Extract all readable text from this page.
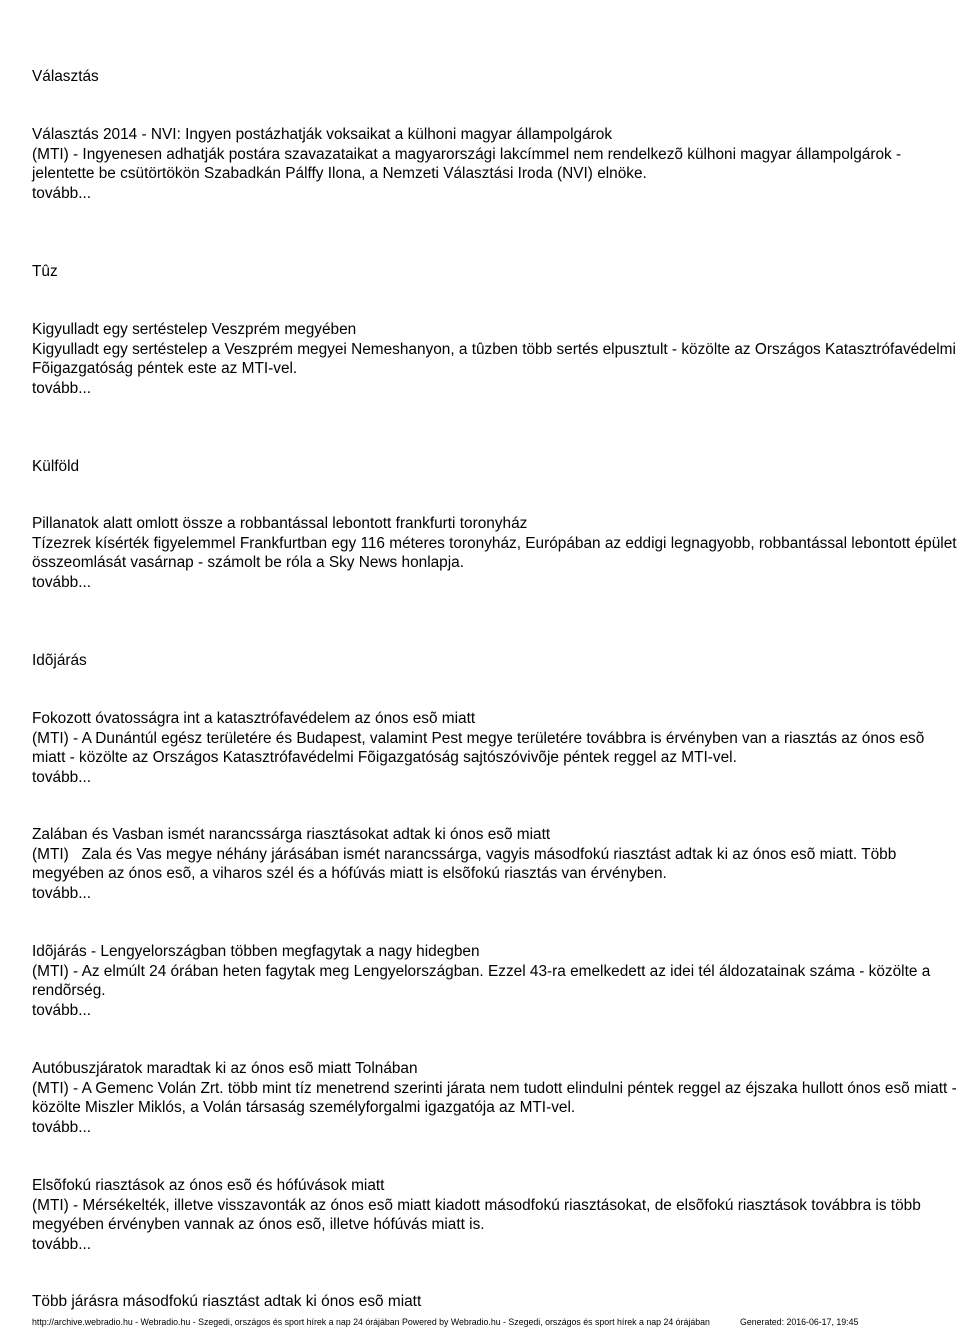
Választás
Választás 2014 - NVI: Ingyen postázhatják voksaikat a külhoni magyar állampolgárok
(MTI) - Ingyenesen adhatják postára szavazataikat a magyarországi lakcímmel nem rendelkezõ külhoni magyar állampolgárok - jelentette be csütörtökön Szabadkán Pálffy Ilona, a Nemzeti Választási Iroda (NVI) elnöke.
tovább...
Tûz
Kigyulladt egy sertéstelep Veszprém megyében
Kigyulladt egy sertéstelep a Veszprém megyei Nemeshanyon, a tûzben több sertés elpusztult - közölte az Országos Katasztrófavédelmi Fõigazgatóság péntek este az MTI-vel.
tovább...
Külföld
Pillanatok alatt omlott össze a robbantással lebontott frankfurti toronyház
Tízezrek kísérték figyelemmel Frankfurtban egy 116 méteres toronyház, Európában az eddigi legnagyobb, robbantással lebontott épület összeomlását vasárnap - számolt be róla a Sky News honlapja.
tovább...
Idõjárás
Fokozott óvatosságra int a katasztrófavédelem az ónos esõ miatt
(MTI) - A Dunántúl egész területére és Budapest, valamint Pest megye területére továbbra is érvényben van a riasztás az ónos esõ miatt - közölte az Országos Katasztrófavédelmi Fõigazgatóság sajtószóvivõje péntek reggel az MTI-vel.
tovább...
Zalában és Vasban ismét narancssárga riasztásokat adtak ki ónos esõ miatt
(MTI)   Zala és Vas megye néhány járásában ismét narancssárga, vagyis másodfokú riasztást adtak ki az ónos esõ miatt. Több megyében az ónos esõ, a viharos szél és a hófúvás miatt is elsõfokú riasztás van érvényben.
tovább...
Idõjárás - Lengyelországban többen megfagytak a nagy hidegben
(MTI) - Az elmúlt 24 órában heten fagytak meg Lengyelországban. Ezzel 43-ra emelkedett az idei tél áldozatainak száma - közölte a rendõrség.
tovább...
Autóbuszjáratok maradtak ki az ónos esõ miatt Tolnában
(MTI) - A Gemenc Volán Zrt. több mint tíz menetrend szerinti járata nem tudott elindulni péntek reggel az éjszaka hullott ónos esõ miatt - közölte Miszler Miklós, a Volán társaság személyforgalmi igazgatója az MTI-vel.
tovább...
Elsõfokú riasztások az ónos esõ és hófúvások miatt
(MTI) - Mérsékelték, illetve visszavonták az ónos esõ miatt kiadott másodfokú riasztásokat, de elsõfokú riasztások továbbra is több megyében érvényben vannak az ónos esõ, illetve hófúvás miatt is.
tovább...
Több járásra másodfokú riasztást adtak ki ónos esõ miatt
http://archive.webradio.hu - Webradio.hu - Szegedi, országos és sport hírek a nap 24 órájában Powered by Webradio.hu - Szegedi, országos és sport hírek a nap 24 órájában	Generated: 2016-06-17, 19:45
